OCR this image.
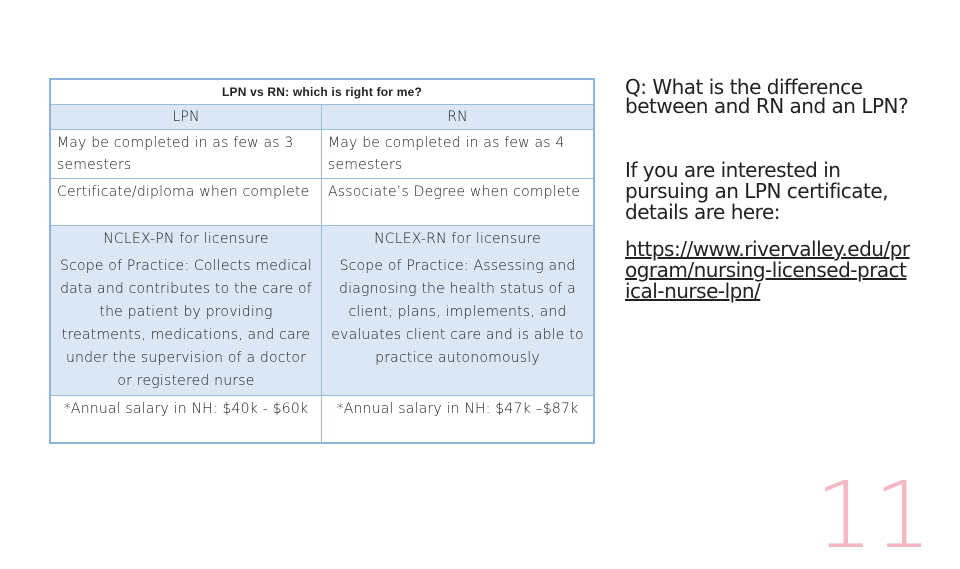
LPN vs RN: which is right for me?	
LPN	RN
May be completed in as few as 3 semesters	May be completed in as few as 4 semesters
Certificate/diploma when complete	Associate’s Degree when complete
NCLEX-PN for licensure	NCLEX-RN for licensure
Scope of Practice: Collects medical data and contributes to the care of the patient by providing treatments, medications, and care under the supervision of a doctor or registered nurse	Scope of Practice: Assessing and diagnosing the health status of a client; plans, implements, and evaluates client care and is able to practice autonomously
*Annual salary in NH: $40k - $60k	*Annual salary in NH: $47k –$87k

Q: What is the difference between and RN and an LPN?

If you are interested in pursuing an LPN certificate, details are here:

https://www.rivervalley.edu/program/nursing-licensed-practical-nurse-lpn/
11
